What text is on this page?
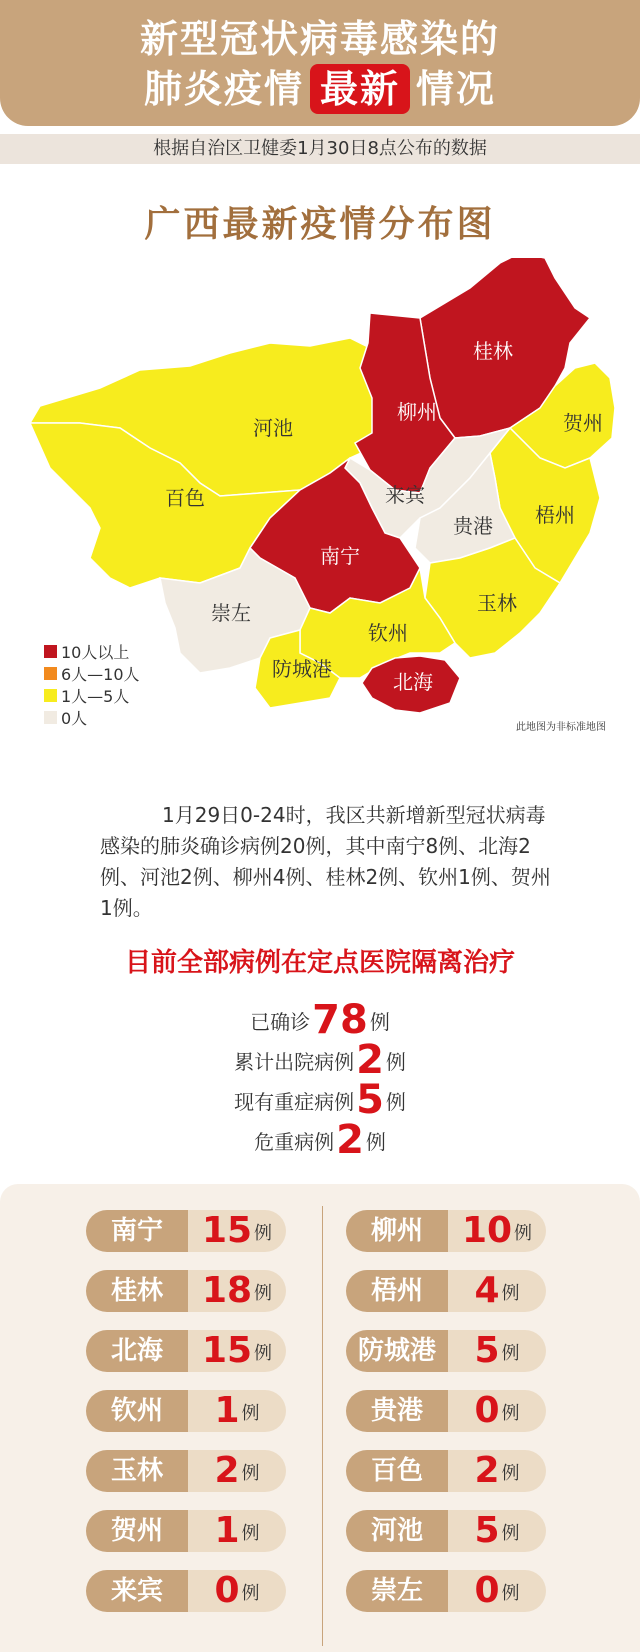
新型冠状病毒感染的
肺炎疫情 最新 情况
根据自治区卫健委1月30日8点公布的数据
广西最新疫情分布图
桂林
柳州	贺州
河池
百色	来宾
贵港 梧州
南宁
玉林
崇左
钦州
防城港
北海
10人以上
6人—10人
1人—5人
0人	此地图为非标准地图
1月29日0-24时，我区共新增新型冠状病毒感染的肺炎确诊病例20例，其中南宁8例、北海2例、河池2例、柳州4例、桂林2例、钦州1例、贺州1例。
目前全部病例在定点医院隔离治疗
已确诊78 例
累计出院病例2 例
现有重症病例5 例
危重病例2 例
南宁	15 例
桂林	18 例
北海	15 例
钦州	1 例
玉林	2 例
贺州	1 例
来宾	0 例
柳州	10 例
梧州	4 例
防城港	5 例
贵港	0 例
百色	2 例
河池	5 例
崇左	0 例
